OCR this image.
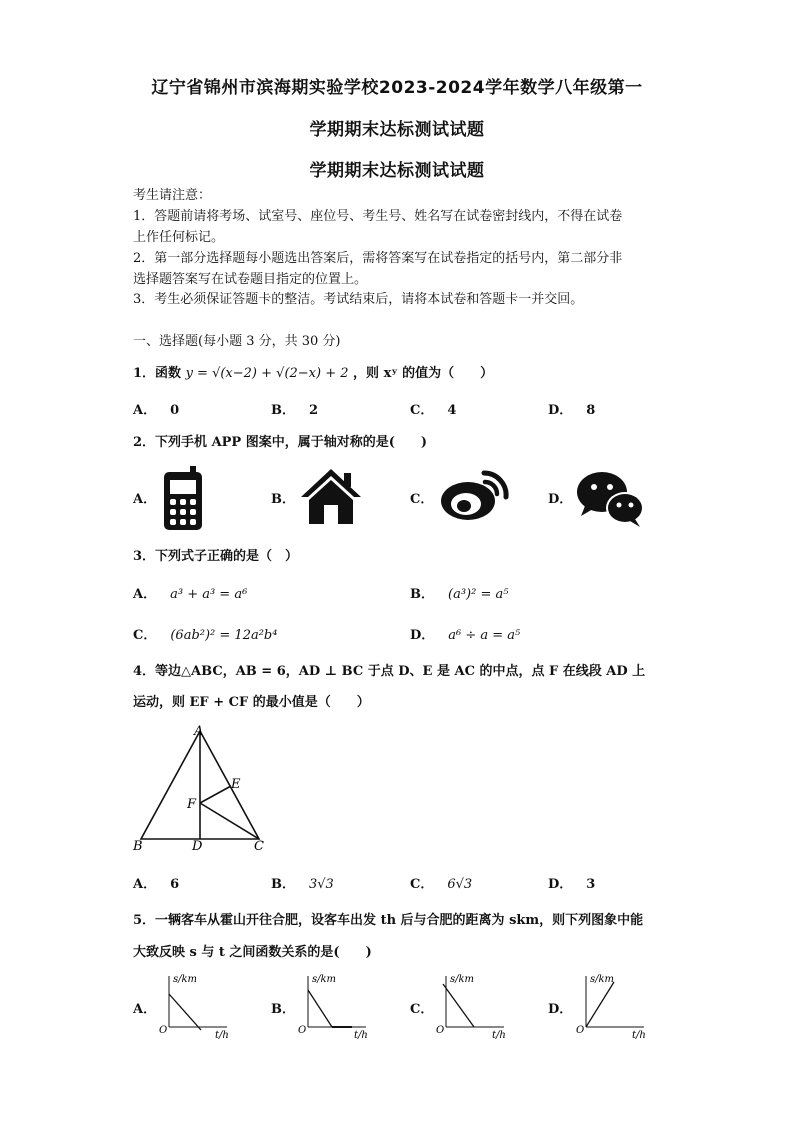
辽宁省锦州市滨海期实验学校2023-2024学年数学八年级第一
学期期末达标测试试题
学期期末达标测试试题
考生请注意：
1．答题前请将考场、试室号、座位号、考生号、姓名写在试卷密封线内，不得在试卷
上作任何标记。
2．第一部分选择题每小题选出答案后，需将答案写在试卷指定的括号内，第二部分非
选择题答案写在试卷题目指定的位置上。
3．考生必须保证答题卡的整洁。考试结束后，请将本试卷和答题卡一并交回。
一、选择题(每小题 3 分，共 30 分)
1．函数 y = √(x−2) + √(2−x) + 2 ，则 xʸ 的值为（　　）
A． 0	B． 2	C． 4	D． 8
2．下列手机 APP 图案中，属于轴对称的是(　　)
A．	B．	C．	D．
3．下列式子正确的是（　）
A． a³ + a³ = a⁶	B． (a³)² = a⁵
C． (6ab²)² = 12a²b⁴	D． a⁶ ÷ a = a⁵
4．等边△ABC，AB = 6，AD ⊥ BC 于点 D、E 是 AC 的中点，点 F 在线段 AD 上
运动，则 EF + CF 的最小值是（　　）
A
B	C
D
E
F
A． 6	B． 3√3	C． 6√3	D． 3
5．一辆客车从霍山开往合肥，设客车出发 th 后与合肥的距离为 skm，则下列图象中能
大致反映 s 与 t 之间函数关系的是(　　)
A．	B．	C．	D．
s/km
O	t/h
s/km
O	t/h
s/km
O	t/h
s/km
O	t/h
